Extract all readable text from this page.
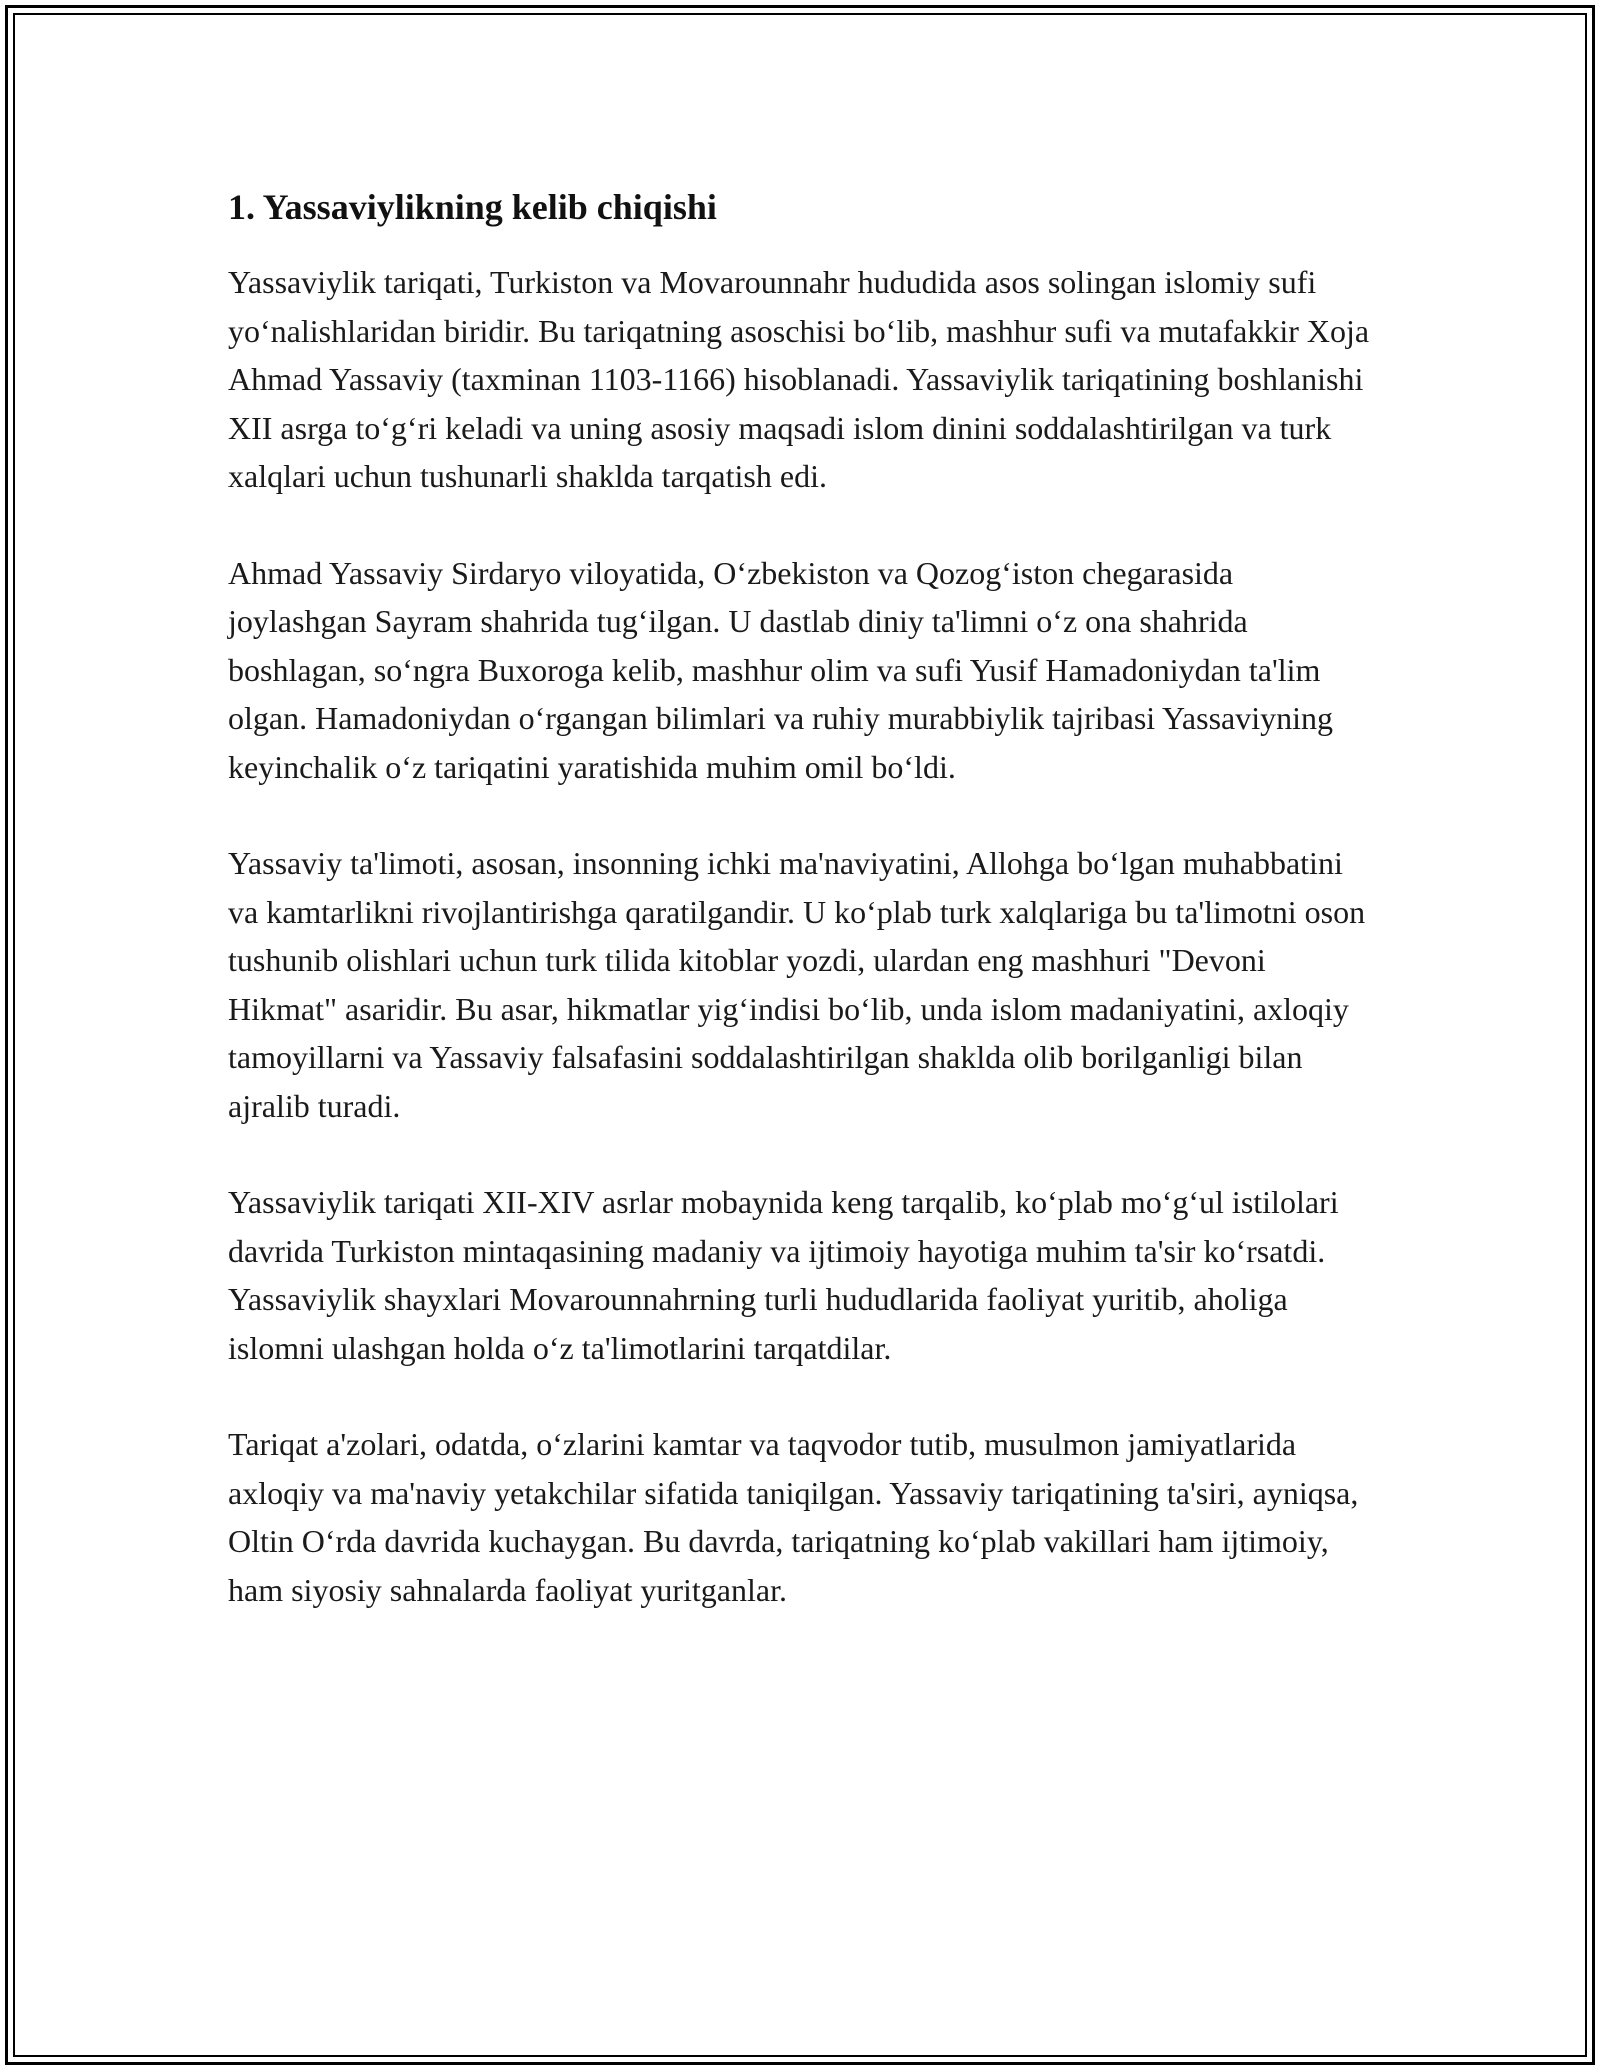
1. Yassaviylikning kelib chiqishi

Yassaviylik tariqati, Turkiston va Movarounnahr hududida asos solingan islomiy sufi yo‘nalishlaridan biridir. Bu tariqatning asoschisi bo‘lib, mashhur sufi va mutafakkir Xoja Ahmad Yassaviy (taxminan 1103-1166) hisoblanadi. Yassaviylik tariqatining boshlanishi XII asrga to‘g‘ri keladi va uning asosiy maqsadi islom dinini soddalashtirilgan va turk xalqlari uchun tushunarli shaklda tarqatish edi.

Ahmad Yassaviy Sirdaryo viloyatida, O‘zbekiston va Qozog‘iston chegarasida joylashgan Sayram shahrida tug‘ilgan. U dastlab diniy ta'limni o‘z ona shahrida boshlagan, so‘ngra Buxoroga kelib, mashhur olim va sufi Yusif Hamadoniydan ta'lim olgan. Hamadoniydan o‘rgangan bilimlari va ruhiy murabbiylik tajribasi Yassaviyning keyinchalik o‘z tariqatini yaratishida muhim omil bo‘ldi.

Yassaviy ta'limoti, asosan, insonning ichki ma'naviyatini, Allohga bo‘lgan muhabbatini va kamtarlikni rivojlantirishga qaratilgandir. U ko‘plab turk xalqlariga bu ta'limotni oson tushunib olishlari uchun turk tilida kitoblar yozdi, ulardan eng mashhuri "Devoni Hikmat" asaridir. Bu asar, hikmatlar yig‘indisi bo‘lib, unda islom madaniyatini, axloqiy tamoyillarni va Yassaviy falsafasini soddalashtirilgan shaklda olib borilganligi bilan ajralib turadi.

Yassaviylik tariqati XII-XIV asrlar mobaynida keng tarqalib, ko‘plab mo‘g‘ul istilolari davrida Turkiston mintaqasining madaniy va ijtimoiy hayotiga muhim ta'sir ko‘rsatdi. Yassaviylik shayxlari Movarounnahrning turli hududlarida faoliyat yuritib, aholiga islomni ulashgan holda o‘z ta'limotlarini tarqatdilar.

Tariqat a'zolari, odatda, o‘zlarini kamtar va taqvodor tutib, musulmon jamiyatlarida axloqiy va ma'naviy yetakchilar sifatida taniqilgan. Yassaviy tariqatining ta'siri, ayniqsa, Oltin O‘rda davrida kuchaygan. Bu davrda, tariqatning ko‘plab vakillari ham ijtimoiy, ham siyosiy sahnalarda faoliyat yuritganlar.
